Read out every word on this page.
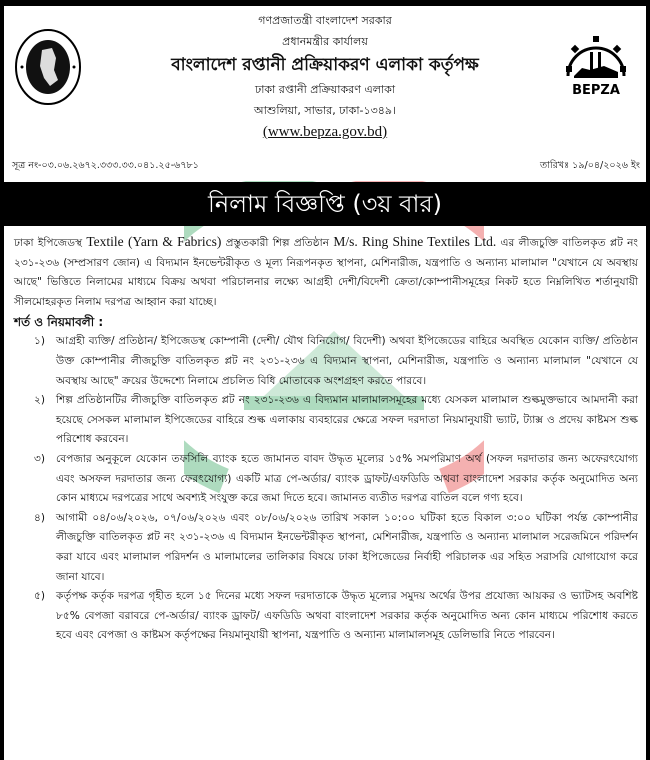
গণপ্রজাতন্ত্রী বাংলাদেশ সরকার
প্রধানমন্ত্রীর কার্যালয়
বাংলাদেশ রপ্তানী প্রক্রিয়াকরণ এলাকা কর্তৃপক্ষ
ঢাকা রপ্তানী প্রক্রিয়াকরণ এলাকা
আশুলিয়া, সাভার, ঢাকা-১৩৪৯।
(www.bepza.gov.bd)
BEPZA
সূত্র নং-০৩.০৬.২৬৭২.৩৩৩.৩৩.০৪১.২৫-৬৭৮১	তারিখঃ ১৯/০৪/২০২৬ ইং
নিলাম বিজ্ঞপ্তি (৩য় বার)

ঢাকা ইপিজেডস্থ Textile (Yarn & Fabrics) প্রস্তুতকারী শিল্প প্রতিষ্ঠান M/s. Ring Shine Textiles Ltd. এর লীজচুক্তি বাতিলকৃত প্লট নং ২৩১-২৩৬ (সম্প্রসারণ জোন) এ বিদ্যমান ইনভেন্টরীকৃত ও মূল্য নিরূপনকৃত স্থাপনা, মেশিনারীজ, যন্ত্রপাতি ও অন্যান্য মালামাল "যেখানে যে অবস্থায় আছে" ভিত্তিতে নিলামের মাধ্যমে বিক্রয় অথবা পরিচালনার লক্ষ্যে আগ্রহী দেশী/বিদেশী ক্রেতা/কোম্পানীসমূহের নিকট হতে নিম্নলিখিত শর্তানুযায়ী সীলমোহরকৃত নিলাম দরপত্র আহ্বান করা যাচ্ছে।

শর্ত ও নিয়মাবলী :

১)	আগ্রহী ব্যক্তি/ প্রতিষ্ঠান/ ইপিজেডস্থ কোম্পানী (দেশী/ যৌথ বিনিয়োগ/ বিদেশী) অথবা ইপিজেডের বাহিরে অবস্থিত যেকোন ব্যক্তি/ প্রতিষ্ঠান উক্ত কোম্পানীর লীজচুক্তি বাতিলকৃত প্লট নং ২৩১-২৩৬ এ বিদ্যমান স্থাপনা, মেশিনারীজ, যন্ত্রপাতি ও অন্যান্য মালামাল "যেখানে যে অবস্থায় আছে" ক্রয়ের উদ্দেশ্যে নিলামে প্রচলিত বিধি মোতাবেক অংশগ্রহণ করতে পারবে।
২)	শিল্প প্রতিষ্ঠানটির লীজচুক্তি বাতিলকৃত প্লট নং ২৩১-২৩৬ এ বিদ্যমান মালামালসমূহের মধ্যে যেসকল মালামাল শুল্কমুক্তভাবে আমদানী করা হয়েছে সেসকল মালামাল ইপিজেডের বাহিরে শুল্ক এলাকায় ব্যবহারের ক্ষেত্রে সফল দরদাতা নিয়মানুযায়ী ভ্যাট, ট্যাক্স ও প্রদেয় কাষ্টমস শুল্ক পরিশোধ করবেন।
৩)	বেপজার অনুকূলে যেকোন তফসিলি ব্যাংক হতে জামানত বাবদ উদ্ধৃত মূল্যের ১৫% সমপরিমাণ অর্থ (সফল দরদাতার জন্য অফেরৎযোগ্য এবং অসফল দরদাতার জন্য ফেরৎযোগ্য) একটি মাত্র পে-অর্ডার/ ব্যাংক ড্রাফট/এফডিডি অথবা বাংলাদেশ সরকার কর্তৃক অনুমোদিত অন্য কোন মাধ্যমে দরপত্রের সাথে অবশ্যই সংযুক্ত করে জমা দিতে হবে। জামানত ব্যতীত দরপত্র বাতিল বলে গণ্য হবে।
৪)	আগামী ০৪/০৬/২০২৬, ০৭/০৬/২০২৬ এবং ০৮/০৬/২০২৬ তারিখ সকাল ১০:০০ ঘটিকা হতে বিকাল ৩:০০ ঘটিকা পর্যন্ত কোম্পানীর লীজচুক্তি বাতিলকৃত প্লট নং ২৩১-২৩৬ এ বিদ্যমান ইনভেন্টরীকৃত স্থাপনা, মেশিনারীজ, যন্ত্রপাতি ও অন্যান্য মালামাল সরেজমিনে পরিদর্শন করা যাবে এবং মালামাল পরিদর্শন ও মালামালের তালিকার বিষয়ে ঢাকা ইপিজেডের নির্বাহী পরিচালক এর সহিত সরাসরি যোগাযোগ করে জানা যাবে।
৫)	কর্তৃপক্ষ কর্তৃক দরপত্র গৃহীত হলে ১৫ দিনের মধ্যে সফল দরদাতাকে উদ্ধৃত মূল্যের সমুদয় অর্থের উপর প্রযোজ্য আয়কর ও ভ্যাটসহ অবশিষ্ট ৮৫% বেপজা বরাবরে পে-অর্ডার/ ব্যাংক ড্রাফট/ এফডিডি অথবা বাংলাদেশ সরকার কর্তৃক অনুমোদিত অন্য কোন মাধ্যমে পরিশোধ করতে হবে এবং বেপজা ও কাষ্টমস কর্তৃপক্ষের নিয়মানুযায়ী স্থাপনা, যন্ত্রপাতি ও অন্যান্য মালামালসমূহ ডেলিভারি নিতে পারবেন।
